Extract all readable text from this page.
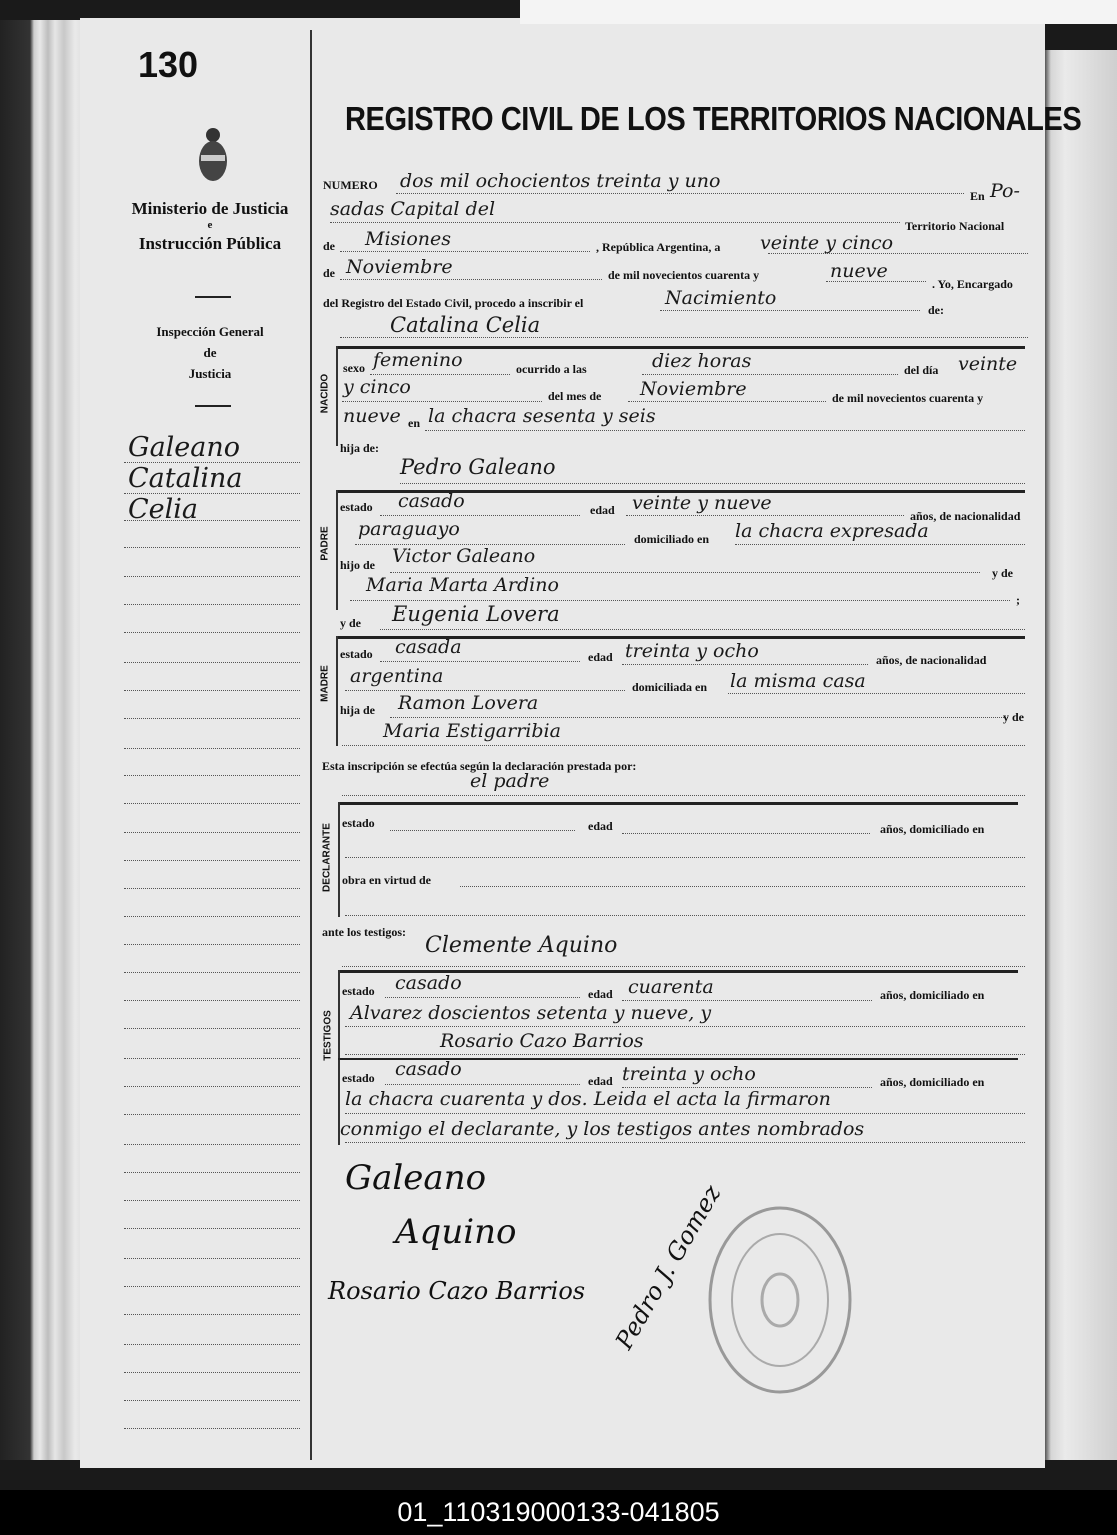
130
Ministerio de Justicia
e
Instrucción Pública
Inspección General
de
Justicia
Galeano
Catalina
Celia
REGISTRO CIVIL DE LOS TERRITORIOS NACIONALES
NUMERO dos mil ochocientos treinta y uno
En Po-
sadas Capital del
Territorio Nacional
de Misiones	, República Argentina, a veinte y cinco
de Noviembre	de mil novecientos cuarenta y	nueve
. Yo, Encargado
del Registro del Estado Civil, procedo a inscribir el	Nacimiento
de:
Catalina Celia
NACIDO
sexo femenino	ocurrido a las	diez horas	del día veinte
y cinco	del mes de Noviembre	de mil novecientos cuarenta y
nueve en la chacra sesenta y seis
hija de:
Pedro Galeano
PADRE
estado casado	edad veinte y nueve
años, de nacionalidad
paraguayo	domiciliado en la chacra expresada
hijo de Victor Galeano
y de
Maria Marta Ardino
;
y de Eugenia Lovera
MADRE
estado casada	edad treinta y ocho	años, de nacionalidad
argentina	domiciliada en la misma casa
hija de Ramon Lovera
y de
Maria Estigarribia
Esta inscripción se efectúa según la declaración prestada por:
el padre
DECLARANTE
estado	edad	años, domiciliado en
obra en virtud de
ante los testigos:
Clemente Aquino
TESTIGOS
estado casado	edad cuarenta	años, domiciliado en
Alvarez doscientos setenta y nueve, y
Rosario Cazo Barrios
estado casado
edad treinta y ocho	años, domiciliado en
la chacra cuarenta y dos. Leida el acta la firmaron
conmigo el declarante, y los testigos antes nombrados
Galeano
Aquino
Rosario Cazo Barrios Pedro J. Gomez
01_110319000133-041805
